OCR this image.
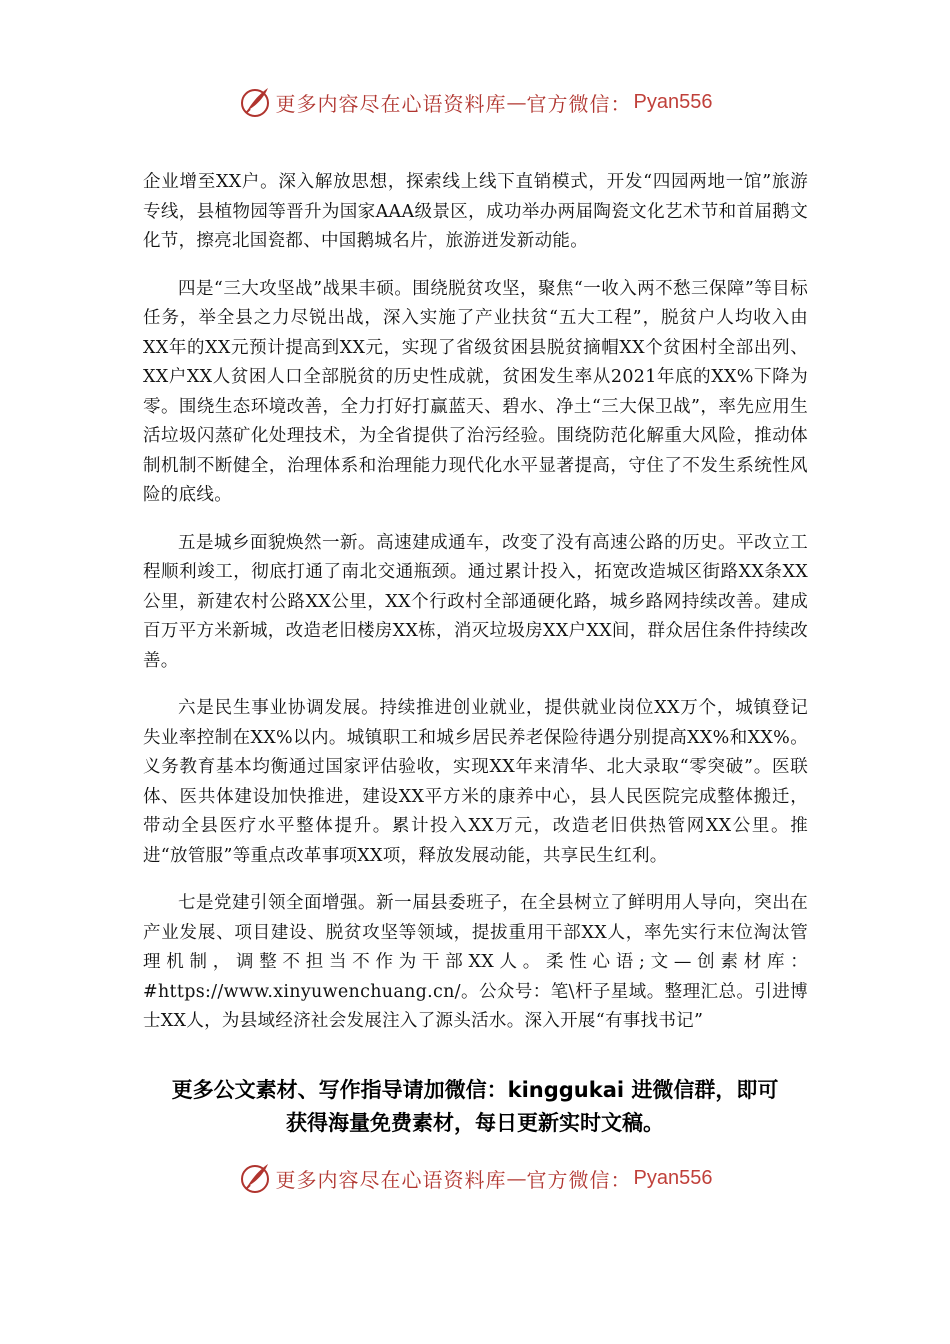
更多内容尽在心语资料库 — 官方微信： Pyan556

企业增至XX户。深入解放思想，探索线上线下直销模式，开发“四园两地一馆”旅游专线，县植物园等晋升为国家AAA级景区，成功举办两届陶瓷文化艺术节和首届鹅文化节，擦亮北国瓷都、中国鹅城名片，旅游迸发新动能。

四是“三大攻坚战”战果丰硕。围绕脱贫攻坚，聚焦“一收入两不愁三保障”等目标任务，举全县之力尽锐出战，深入实施了产业扶贫“五大工程”，脱贫户人均收入由XX年的XX元预计提高到XX元，实现了省级贫困县脱贫摘帽XX个贫困村全部出列、XX户XX人贫困人口全部脱贫的历史性成就，贫困发生率从2021年底的XX%下降为零。围绕生态环境改善，全力打好打赢蓝天、碧水、净土“三大保卫战”，率先应用生活垃圾闪蒸矿化处理技术，为全省提供了治污经验。围绕防范化解重大风险，推动体制机制不断健全，治理体系和治理能力现代化水平显著提高，守住了不发生系统性风险的底线。

五是城乡面貌焕然一新。高速建成通车，改变了没有高速公路的历史。平改立工程顺利竣工，彻底打通了南北交通瓶颈。通过累计投入，拓宽改造城区街路XX条XX公里，新建农村公路XX公里，XX个行政村全部通硬化路，城乡路网持续改善。建成百万平方米新城，改造老旧楼房XX栋，消灭垃圾房XX户XX间，群众居住条件持续改善。

六是民生事业协调发展。持续推进创业就业，提供就业岗位XX万个，城镇登记失业率控制在XX%以内。城镇职工和城乡居民养老保险待遇分别提高XX%和XX%。义务教育基本均衡通过国家评估验收，实现XX年来清华、北大录取“零突破”。医联体、医共体建设加快推进，建设XX平方米的康养中心，县人民医院完成整体搬迁，带动全县医疗水平整体提升。累计投入XX万元，改造老旧供热管网XX公里。推进“放管服”等重点改革事项XX项，释放发展动能，共享民生红利。

七是党建引领全面增强。新一届县委班子，在全县树立了鲜明用人导向，突出在产业发展、项目建设、脱贫攻坚等领域，提拔重用干部XX人，率先实行末位淘汰管理机制，调整不担当不作为干部XX人。柔性心语;文—创素材库：#https://www.xinyuwenchuang.cn/。公众号：笔\杆子星域。整理汇总。引进博士XX人，为县域经济社会发展注入了源头活水。深入开展“有事找书记”

更多公文素材、写作指导请加微信：kinggukai 进微信群，即可
获得海量免费素材，每日更新实时文稿。
更多内容尽在心语资料库 — 官方微信： Pyan556
